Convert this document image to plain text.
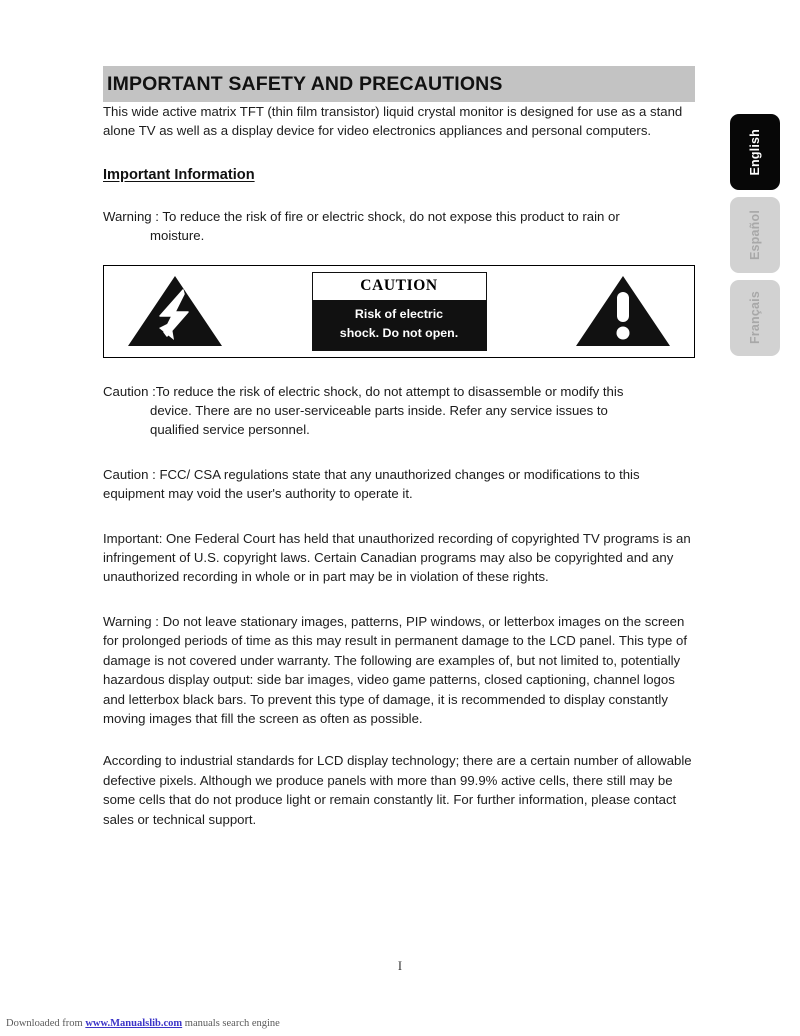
IMPORTANT SAFETY AND PRECAUTIONS

This wide active matrix TFT (thin film transistor) liquid crystal monitor is designed for use as a stand alone TV as well as a display device for video electronics appliances and personal computers.

Important Information
Warning : To reduce the risk of fire or electric shock, do not expose this product to rain or
moisture.
CAUTION
Risk of electric
shock. Do not open.
Caution :To reduce the risk of electric shock, do not attempt to disassemble or modify this
device. There are no user-serviceable parts inside. Refer any service issues to
qualified service personnel.

Caution : FCC/ CSA regulations state that any unauthorized changes or modifications to this equipment may void the user's authority to operate it.

Important: One Federal Court has held that unauthorized recording of copyrighted TV programs is an infringement of U.S. copyright laws. Certain Canadian programs may also be copyrighted and any unauthorized recording in whole or in part may be in violation of these rights.

Warning : Do not leave stationary images, patterns, PIP windows, or letterbox images on the screen for prolonged periods of time as this may result in permanent damage to the LCD panel. This type of damage is not covered under warranty. The following are examples of, but not limited to, potentially hazardous display output: side bar images, video game patterns, closed captioning, channel logos and letterbox black bars. To prevent this type of damage, it is recommended to display constantly moving images that fill the screen as often as possible.

According to industrial standards for LCD display technology; there are a certain number of allowable defective pixels. Although we produce panels with more than 99.9% active cells, there still may be some cells that do not produce light or remain constantly lit. For further information, please contact sales or technical support.

I
Downloaded from www.Manualslib.com manuals search engine
English
Español
Français
